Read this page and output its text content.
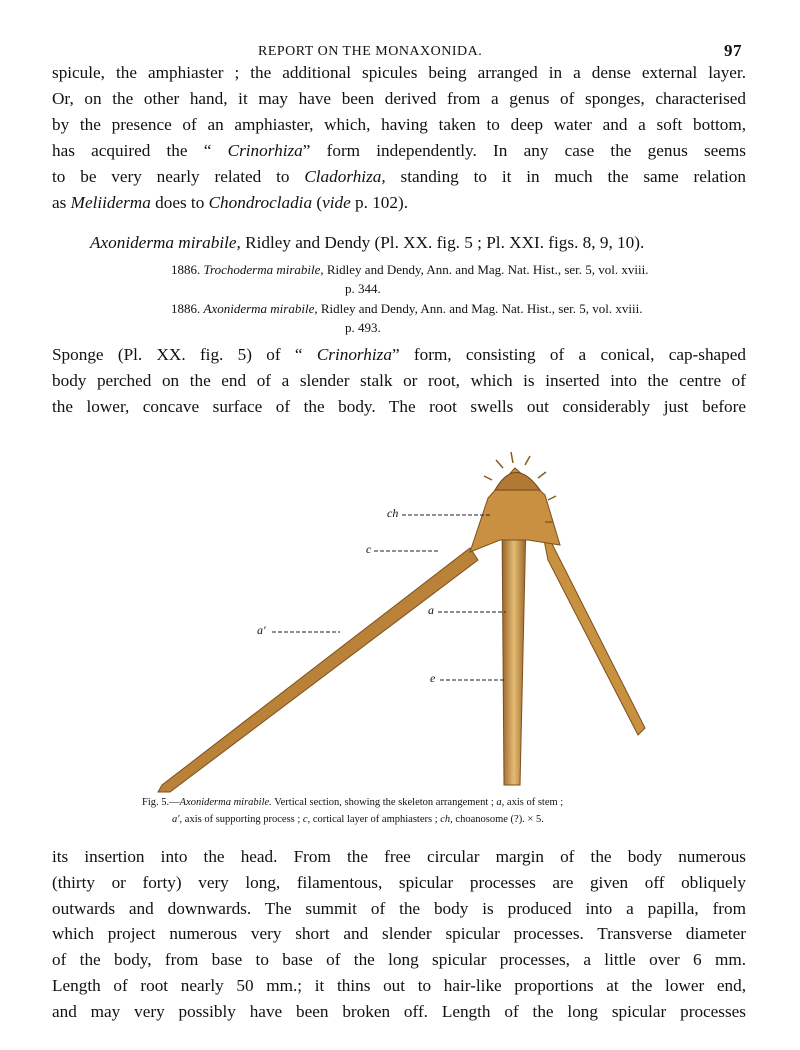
REPORT ON THE MONAXONIDA.	97
spicule, the amphiaster ; the additional spicules being arranged in a dense external layer.
Or, on the other hand, it may have been derived from a genus of sponges, characterised
by the presence of an amphiaster, which, having taken to deep water and a soft bottom,
has acquired the “ Crinorhiza” form independently. In any case the genus seems
to be very nearly related to Cladorhiza, standing to it in much the same relation
as Meliiderma does to Chondrocladia (vide p. 102).
Axoniderma mirabile, Ridley and Dendy (Pl. XX. fig. 5 ; Pl. XXI. figs. 8, 9, 10).
1886. Trochoderma mirabile, Ridley and Dendy, Ann. and Mag. Nat. Hist., ser. 5, vol. xviii.
p. 344.
1886. Axoniderma mirabile, Ridley and Dendy, Ann. and Mag. Nat. Hist., ser. 5, vol. xviii.
p. 493.
Sponge (Pl. XX. fig. 5) of “ Crinorhiza” form, consisting of a conical, cap-shaped
body perched on the end of a slender stalk or root, which is inserted into the centre of
the lower, concave surface of the body. The root swells out considerably just before
ch
c
a
a′
e
Fig. 5.—Axoniderma mirabile. Vertical section, showing the skeleton arrangement ; a, axis of stem ;
a′, axis of supporting process ; c, cortical layer of amphiasters ; ch, choanosome (?). × 5.
its insertion into the head. From the free circular margin of the body numerous
(thirty or forty) very long, filamentous, spicular processes are given off obliquely
outwards and downwards. The summit of the body is produced into a papilla, from
which project numerous very short and slender spicular processes. Transverse diameter
of the body, from base to base of the long spicular processes, a little over 6 mm.
Length of root nearly 50 mm.; it thins out to hair-like proportions at the lower end,
and may very possibly have been broken off. Length of the long spicular processes
